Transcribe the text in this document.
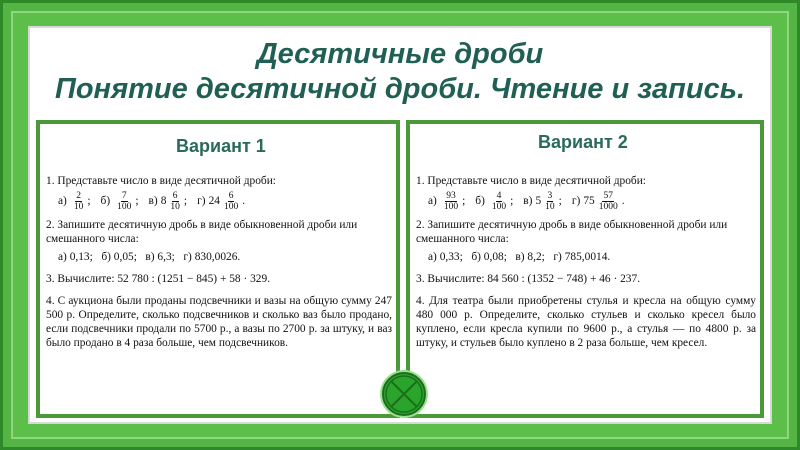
Десятичные дроби
Понятие десятичной дроби. Чтение и запись.
Вариант 1
1. Представьте число в виде десятичной дроби:
$а) \frac{2}{10}$ ; $б) \frac{7}{100}$ ; в) $8 \frac{6}{10}$ ; г) $24 \frac{6}{100}$ .
2. Запишите десятичную дробь в виде обыкновенной дроби или смешанного числа:
а) 0,13;   б) 0,05;   в) 6,3;   г) 830,0026.
3. Вычислите: 52 780 : (1251 − 845) + 58 · 329.
4. С аукциона были проданы подсвечники и вазы на общую сумму 247 500 р. Определите, сколько подсвечников и сколько ваз было продано, если подсвечники продали по 5700 р., а вазы по 2700 р. за штуку, и ваз было продано в 4 раза больше, чем подсвечников.
Вариант 2
1. Представьте число в виде десятичной дроби:
$а) \frac{93}{100}$ ; $б) \frac{4}{100}$ ; в) $5 \frac{3}{10}$ ; г) $75 \frac{57}{1000}$ .
2. Запишите десятичную дробь в виде обыкновенной дроби или смешанного числа:
а) 0,33;   б) 0,08;   в) 8,2;   г) 785,0014.
3. Вычислите: 84 560 : (1352 − 748) + 46 · 237.
4. Для театра были приобретены стулья и кресла на общую сумму 480 000 р. Определите, сколько стульев и сколько кресел было куплено, если кресла купили по 9600 р., а стулья — по 4800 р. за штуку, и стульев было куплено в 2 раза больше, чем кресел.
